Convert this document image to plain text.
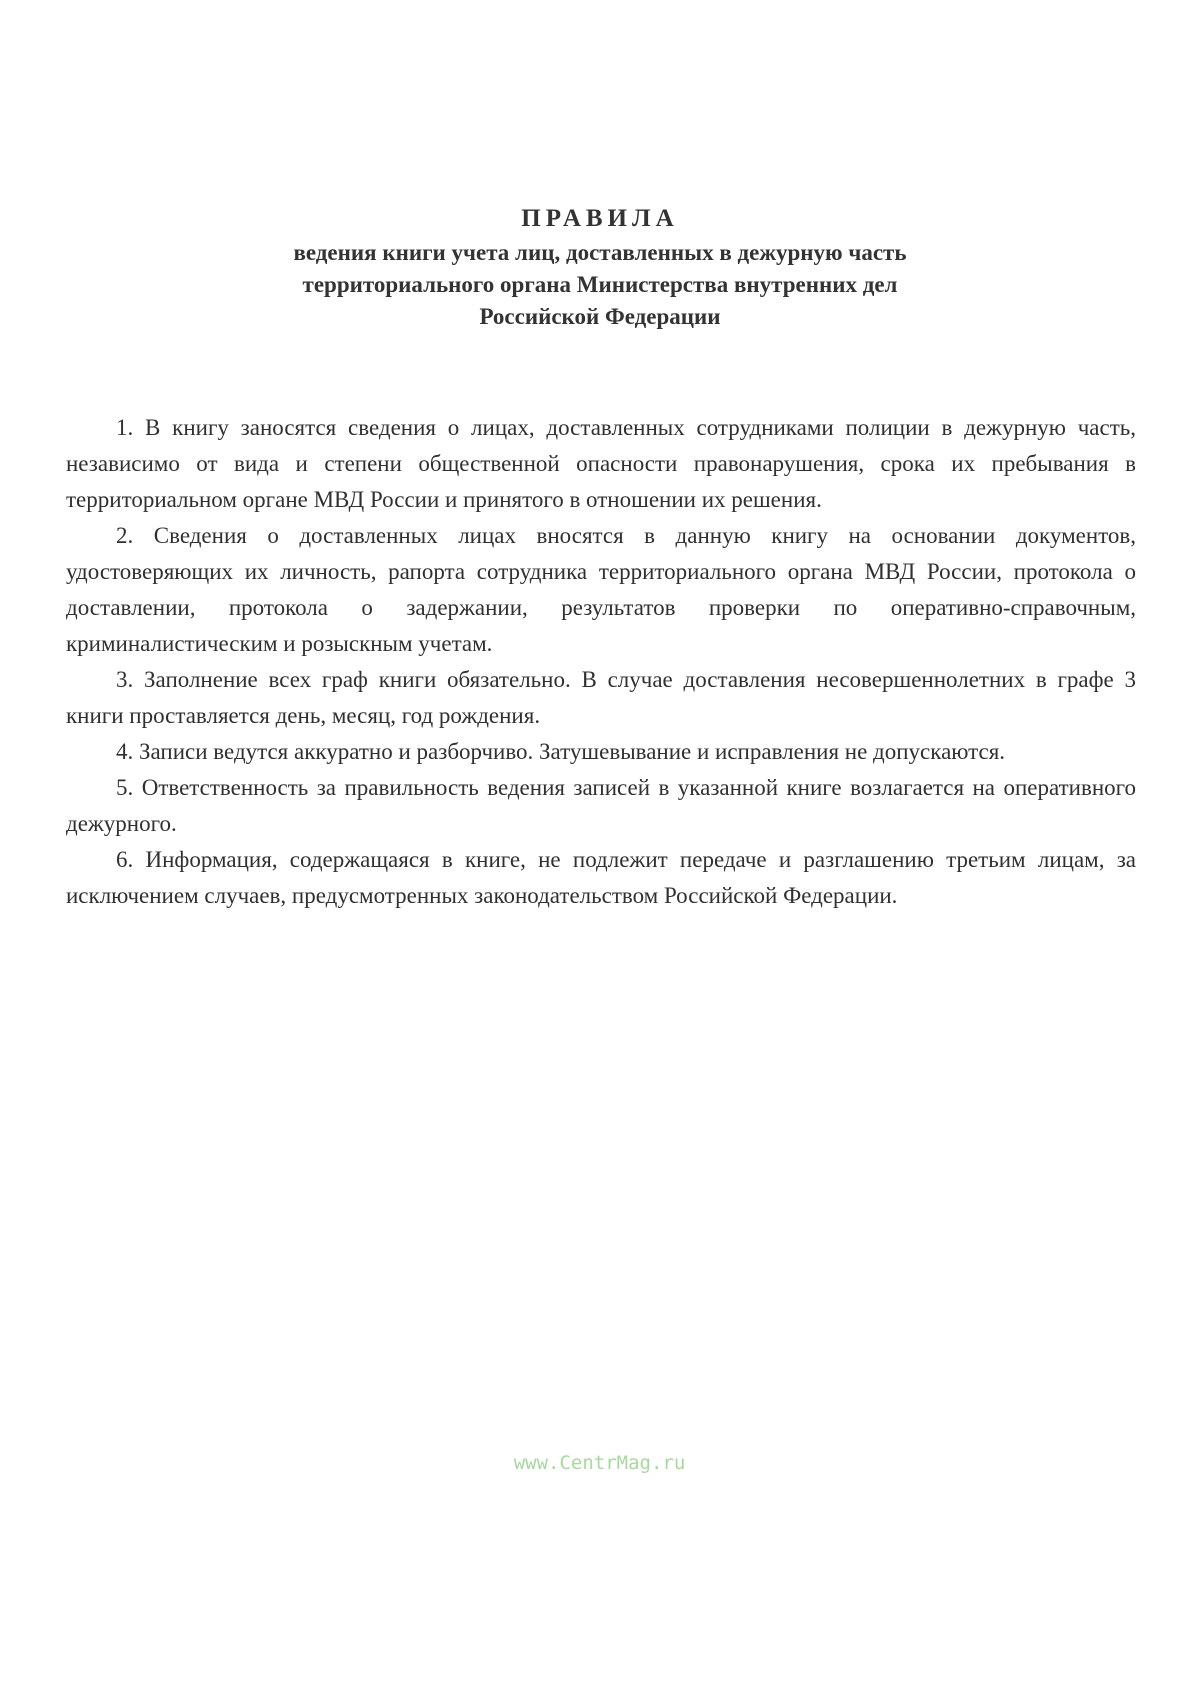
ПРАВИЛА
ведения книги учета лиц, доставленных в дежурную часть
территориального органа Министерства внутренних дел
Российской Федерации

1. В книгу заносятся сведения о лицах, доставленных сотрудниками полиции в дежурную часть, независимо от вида и степени общественной опасности правонарушения, срока их пребывания в территориальном органе МВД России и принятого в отношении их решения.

2. Сведения о доставленных лицах вносятся в данную книгу на основании документов, удостоверяющих их личность, рапорта сотрудника территориального органа МВД России, протокола о доставлении, протокола о задержании, результатов проверки по оперативно-справочным, криминалистическим и розыскным учетам.

3. Заполнение всех граф книги обязательно. В случае доставления несовершеннолетних в графе 3 книги проставляется день, месяц, год рождения.

4. Записи ведутся аккуратно и разборчиво. Затушевывание и исправления не допускаются.

5. Ответственность за правильность ведения записей в указанной книге возлагается на оперативного дежурного.

6. Информация, содержащаяся в книге, не подлежит передаче и разглашению третьим лицам, за исключением случаев, предусмотренных законодательством Российской Федерации.

www.CentrMag.ru
